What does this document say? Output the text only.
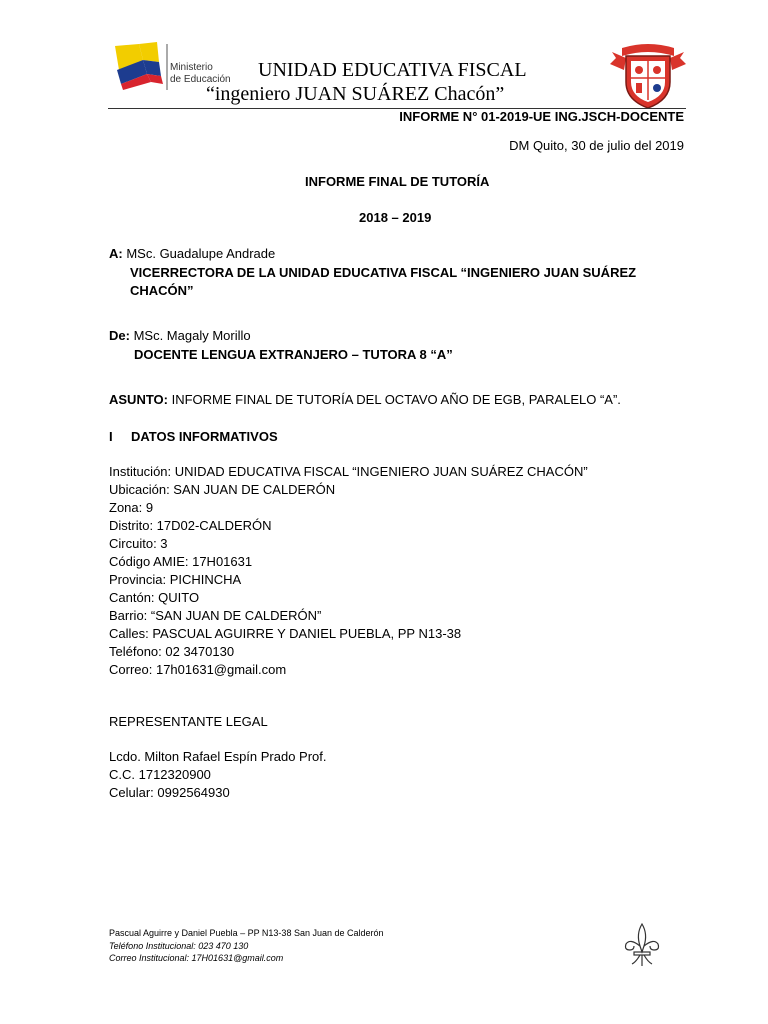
Ministerio
de Educación UNIDAD EDUCATIVA FISCAL
“ingeniero JUAN SUÁREZ Chacón”
INFORME N° 01-2019-UE ING.JSCH-DOCENTE
DM Quito, 30 de julio del 2019
INFORME FINAL DE TUTORÍA
2018 – 2019
A: MSc. Guadalupe Andrade
VICERRECTORA DE LA UNIDAD EDUCATIVA FISCAL “INGENIERO JUAN SUÁREZ
CHACÓN”
De: MSc. Magaly Morillo
DOCENTE LENGUA EXTRANJERO – TUTORA 8 “A”
ASUNTO: INFORME FINAL DE TUTORÍA DEL OCTAVO AÑO DE EGB, PARALELO “A”.
I DATOS INFORMATIVOS
Institución: UNIDAD EDUCATIVA FISCAL “INGENIERO JUAN SUÁREZ CHACÓN”
Ubicación: SAN JUAN DE CALDERÓN
Zona: 9
Distrito: 17D02-CALDERÓN
Circuito: 3
Código AMIE: 17H01631
Provincia: PICHINCHA
Cantón: QUITO
Barrio: “SAN JUAN DE CALDERÓN”
Calles: PASCUAL AGUIRRE Y DANIEL PUEBLA, PP N13-38
Teléfono: 02 3470130
Correo: 17h01631@gmail.com
REPRESENTANTE LEGAL
Lcdo. Milton Rafael Espín Prado Prof.
C.C. 1712320900
Celular: 0992564930
Pascual Aguirre y Daniel Puebla – PP N13-38 San Juan de Calderón
Teléfono Institucional: 023 470 130
Correo Institucional: 17H01631@gmail.com
